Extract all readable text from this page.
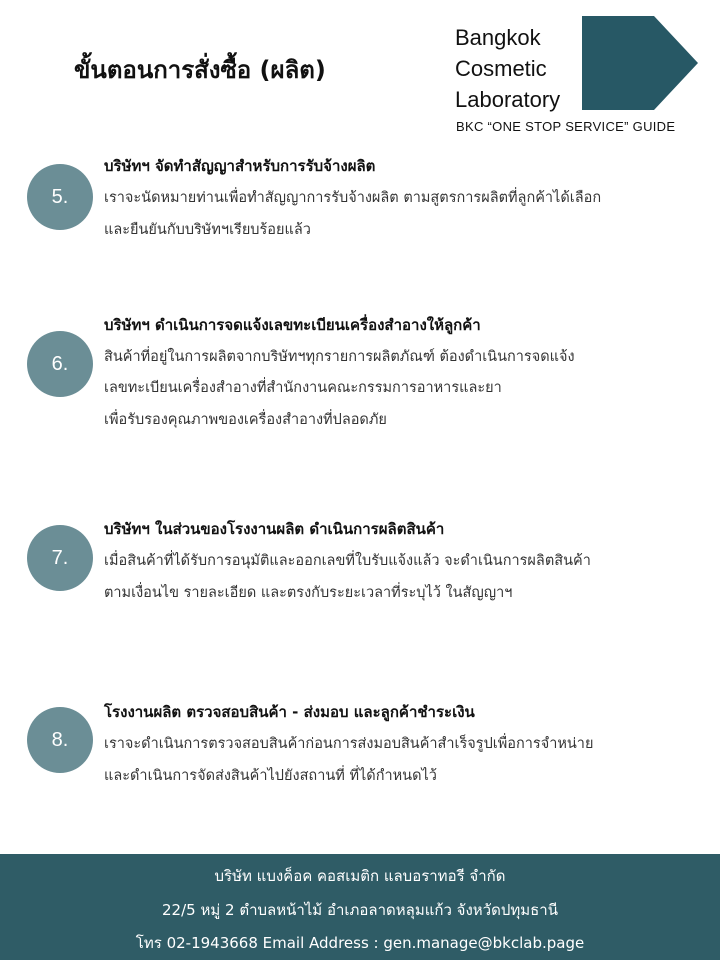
ขั้นตอนการสั่งซื้อ (ผลิต)
Bangkok
Cosmetic
Laboratory
BKC “ONE STOP SERVICE” GUIDE
5.
บริษัทฯ จัดทำสัญญาสำหรับการรับจ้างผลิต
เราจะนัดหมายท่านเพื่อทำสัญญาการรับจ้างผลิต ตามสูตรการผลิตที่ลูกค้าได้เลือก
และยืนยันกับบริษัทฯเรียบร้อยแล้ว
6.
บริษัทฯ ดำเนินการจดแจ้งเลขทะเบียนเครื่องสำอางให้ลูกค้า
สินค้าที่อยู่ในการผลิตจากบริษัทฯทุกรายการผลิตภัณฑ์ ต้องดำเนินการจดแจ้ง
เลขทะเบียนเครื่องสำอางที่สำนักงานคณะกรรมการอาหารและยา
เพื่อรับรองคุณภาพของเครื่องสำอางที่ปลอดภัย
7.
บริษัทฯ ในส่วนของโรงงานผลิต ดำเนินการผลิตสินค้า
เมื่อสินค้าที่ได้รับการอนุมัติและออกเลขที่ใบรับแจ้งแล้ว จะดำเนินการผลิตสินค้า
ตามเงื่อนไข รายละเอียด และตรงกับระยะเวลาที่ระบุไว้ ในสัญญาฯ
8.
โรงงานผลิต ตรวจสอบสินค้า - ส่งมอบ และลูกค้าชำระเงิน
เราจะดำเนินการตรวจสอบสินค้าก่อนการส่งมอบสินค้าสำเร็จรูปเพื่อการจำหน่าย
และดำเนินการจัดส่งสินค้าไปยังสถานที่ ที่ได้กำหนดไว้
บริษัท แบงค็อค คอสเมติก แลบอราทอรี จำกัด
22/5 หมู่ 2 ตำบลหน้าไม้ อำเภอลาดหลุมแก้ว จังหวัดปทุมธานี
โทร 02-1943668 Email Address : gen.manage@bkclab.page
